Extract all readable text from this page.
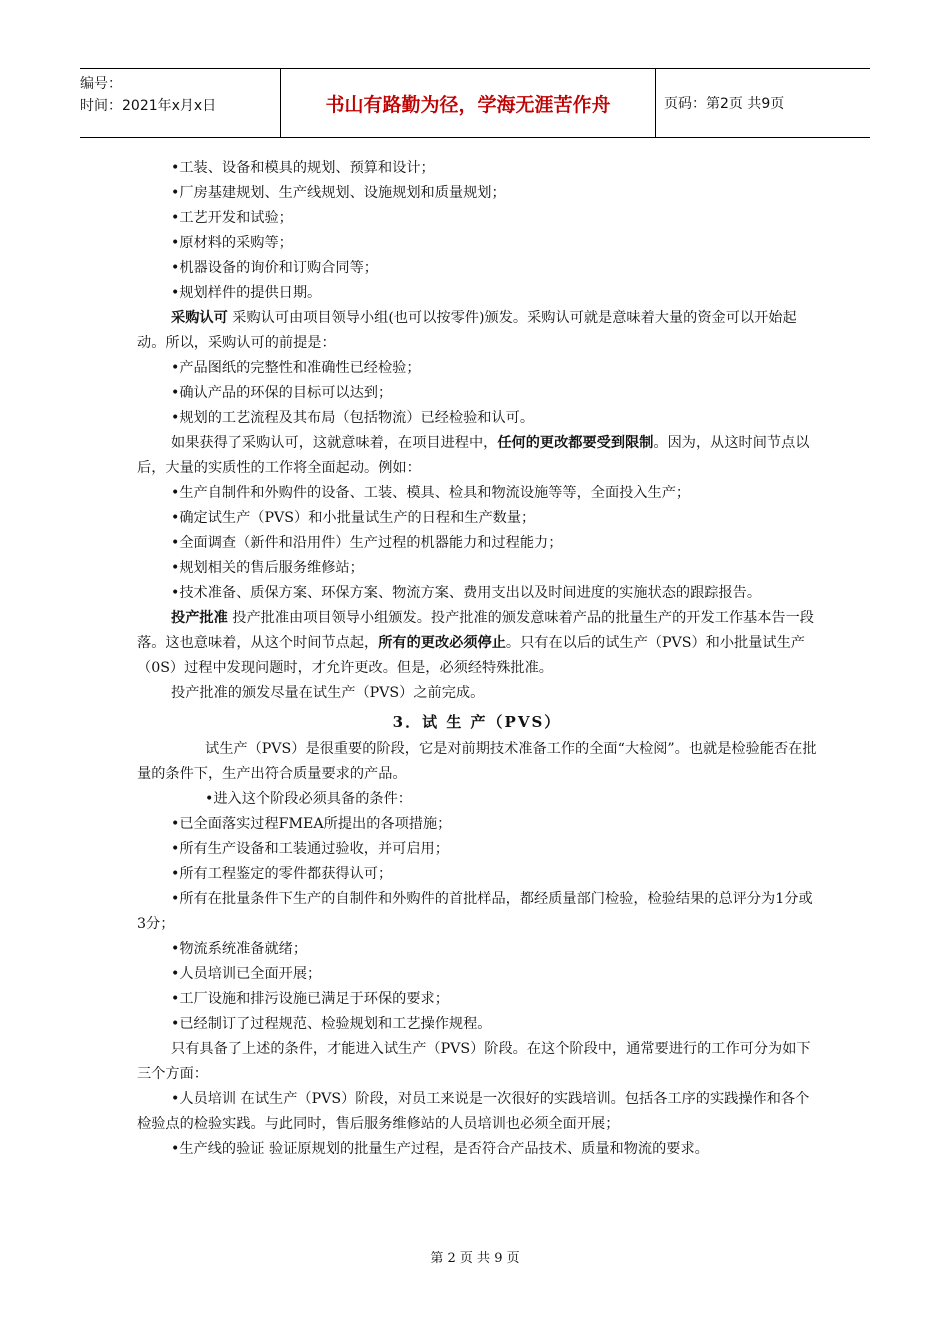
编号：
时间：2021年x月x日	书山有路勤为径，学海无涯苦作舟	页码：第2页 共9页

•工装、设备和模具的规划、预算和设计；

•厂房基建规划、生产线规划、设施规划和质量规划；

•工艺开发和试验；

•原材料的采购等；

•机器设备的询价和订购合同等；

•规划样件的提供日期。

采购认可 采购认可由项目领导小组(也可以按零件)颁发。采购认可就是意味着大量的资金可以开始起动。所以，采购认可的前提是：

•产品图纸的完整性和准确性已经检验；

•确认产品的环保的目标可以达到；

•规划的工艺流程及其布局（包括物流）已经检验和认可。

如果获得了采购认可，这就意味着，在项目进程中，任何的更改都要受到限制。因为，从这时间节点以后，大量的实质性的工作将全面起动。例如：

•生产自制件和外购件的设备、工装、模具、检具和物流设施等等，全面投入生产；

•确定试生产（PVS）和小批量试生产的日程和生产数量；

•全面调查（新件和沿用件）生产过程的机器能力和过程能力；

•规划相关的售后服务维修站；

•技术准备、质保方案、环保方案、物流方案、费用支出以及时间进度的实施状态的跟踪报告。

投产批准 投产批准由项目领导小组颁发。投产批准的颁发意味着产品的批量生产的开发工作基本告一段落。这也意味着，从这个时间节点起，所有的更改必须停止。只有在以后的试生产（PVS）和小批量试生产（0S）过程中发现问题时，才允许更改。但是，必须经特殊批准。

投产批准的颁发尽量在试生产（PVS）之前完成。

3．试 生 产（PVS）

试生产（PVS）是很重要的阶段，它是对前期技术准备工作的全面“大检阅”。也就是检验能否在批量的条件下，生产出符合质量要求的产品。

•进入这个阶段必须具备的条件：

•已全面落实过程FMEA所提出的各项措施；

•所有生产设备和工装通过验收，并可启用；

•所有工程鉴定的零件都获得认可；

•所有在批量条件下生产的自制件和外购件的首批样品，都经质量部门检验，检验结果的总评分为1分或3分；

•物流系统准备就绪；

•人员培训已全面开展；

•工厂设施和排污设施已满足于环保的要求；

•已经制订了过程规范、检验规划和工艺操作规程。

只有具备了上述的条件，才能进入试生产（PVS）阶段。在这个阶段中，通常要进行的工作可分为如下三个方面：

•人员培训 在试生产（PVS）阶段，对员工来说是一次很好的实践培训。包括各工序的实践操作和各个检验点的检验实践。与此同时，售后服务维修站的人员培训也必须全面开展；

•生产线的验证 验证原规划的批量生产过程，是否符合产品技术、质量和物流的要求。

第 2 页 共 9 页
